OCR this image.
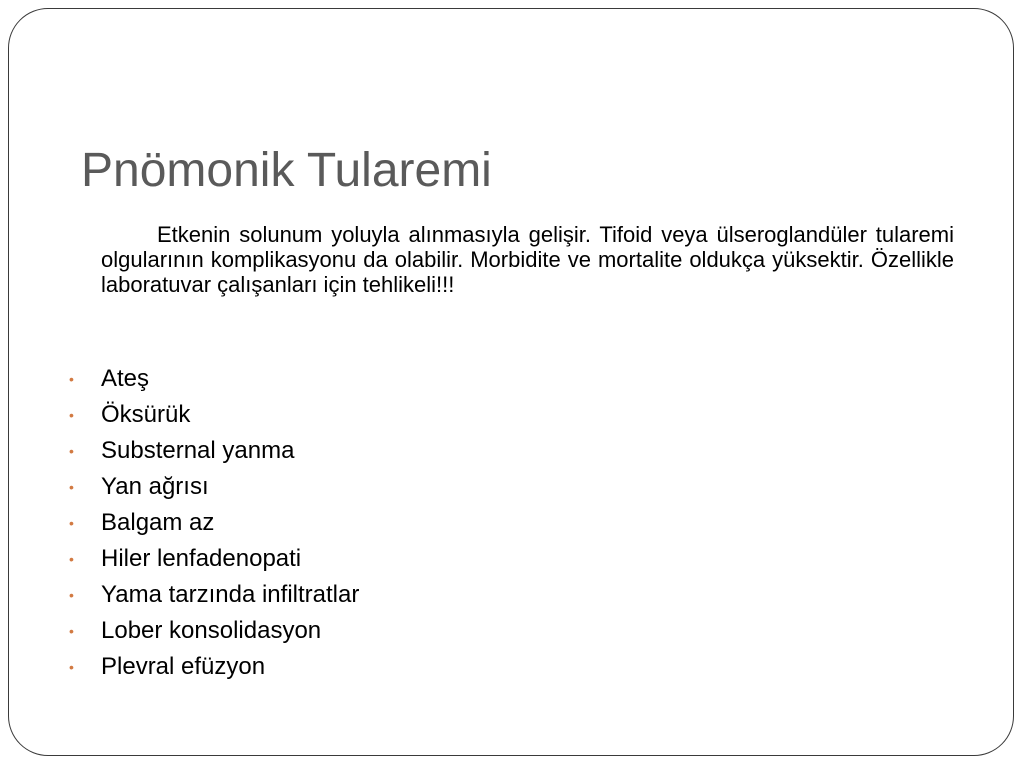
Pnömonik Tularemi

Etkenin solunum yoluyla alınmasıyla gelişir. Tifoid veya ülseroglandüler tularemi olgularının komplikasyonu da olabilir. Morbidite ve mortalite oldukça yüksektir. Özellikle laboratuvar çalışanları için tehlikeli!!!

• Ateş
• Öksürük
• Substernal yanma
• Yan ağrısı
• Balgam az
• Hiler lenfadenopati
• Yama tarzında infiltratlar
• Lober konsolidasyon
• Plevral efüzyon
